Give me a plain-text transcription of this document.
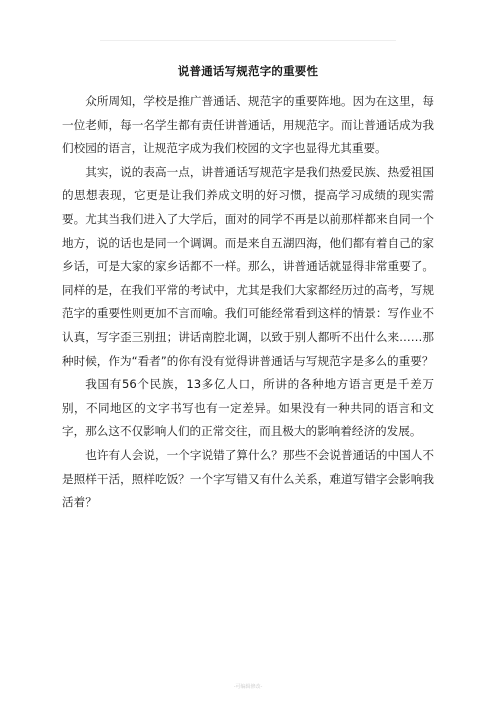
说普通话写规范字的重要性

众所周知，学校是推广普通话、规范字的重要阵地。因为在这里，每一位老师，每一名学生都有责任讲普通话，用规范字。而让普通话成为我们校园的语言，让规范字成为我们校园的文字也显得尤其重要。

其实，说的表高一点，讲普通话写规范字是我们热爱民族、热爱祖国的思想表现，它更是让我们养成文明的好习惯，提高学习成绩的现实需要。尤其当我们进入了大学后，面对的同学不再是以前那样都来自同一个地方，说的话也是同一个调调。而是来自五湖四海，他们都有着自己的家乡话，可是大家的家乡话都不一样。那么，讲普通话就显得非常重要了。同样的是，在我们平常的考试中，尤其是我们大家都经历过的高考，写规范字的重要性则更加不言而喻。我们可能经常看到这样的情景：写作业不认真，写字歪三别扭；讲话南腔北调，以致于别人都听不出什么来……那种时候，作为“看者”的你有没有觉得讲普通话与写规范字是多么的重要？

我国有56个民族，13多亿人口，所讲的各种地方语言更是千差万别，不同地区的文字书写也有一定差异。如果没有一种共同的语言和文字，那么这不仅影响人们的正常交往，而且极大的影响着经济的发展。

也许有人会说，一个字说错了算什么？那些不会说普通话的中国人不是照样干活，照样吃饭？一个字写错又有什么关系，难道写错字会影响我活着？

-可编辑修改-
